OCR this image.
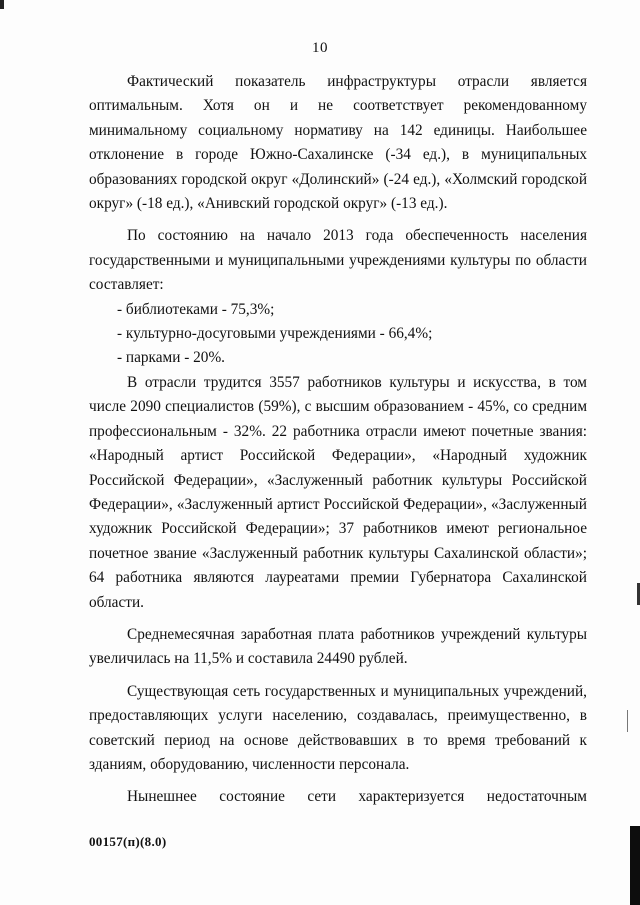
10

Фактический показатель инфраструктуры отрасли является оптимальным. Хотя он и не соответствует рекомендованному минимальному социальному нормативу на 142 единицы. Наибольшее отклонение в городе Южно-Сахалинске (-34 ед.), в муниципальных образованиях городской округ «Долинский» (-24 ед.), «Холмский городской округ» (-18 ед.), «Анивский городской округ» (-13 ед.).

По состоянию на начало 2013 года обеспеченность населения государственными и муниципальными учреждениями культуры по области составляет:

- библиотеками - 75,3%;

- культурно-досуговыми учреждениями - 66,4%;

- парками - 20%.

В отрасли трудится 3557 работников культуры и искусства, в том числе 2090 специалистов (59%), с высшим образованием - 45%, со средним профессиональным - 32%. 22 работника отрасли имеют почетные звания: «Народный артист Российской Федерации», «Народный художник Российской Федерации», «Заслуженный работник культуры Российской Федерации», «Заслуженный артист Российской Федерации», «Заслуженный художник Российской Федерации»; 37 работников имеют региональное почетное звание «Заслуженный работник культуры Сахалинской области»; 64 работника являются лауреатами премии Губернатора Сахалинской области.

Среднемесячная заработная плата работников учреждений культуры увеличилась на 11,5% и составила 24490 рублей.

Существующая сеть государственных и муниципальных учреждений, предоставляющих услуги населению, создавалась, преимущественно, в советский период на основе действовавших в то время требований к зданиям, оборудованию, численности персонала.

Нынешнее состояние сети характеризуется недостаточным

00157(п)(8.0)
